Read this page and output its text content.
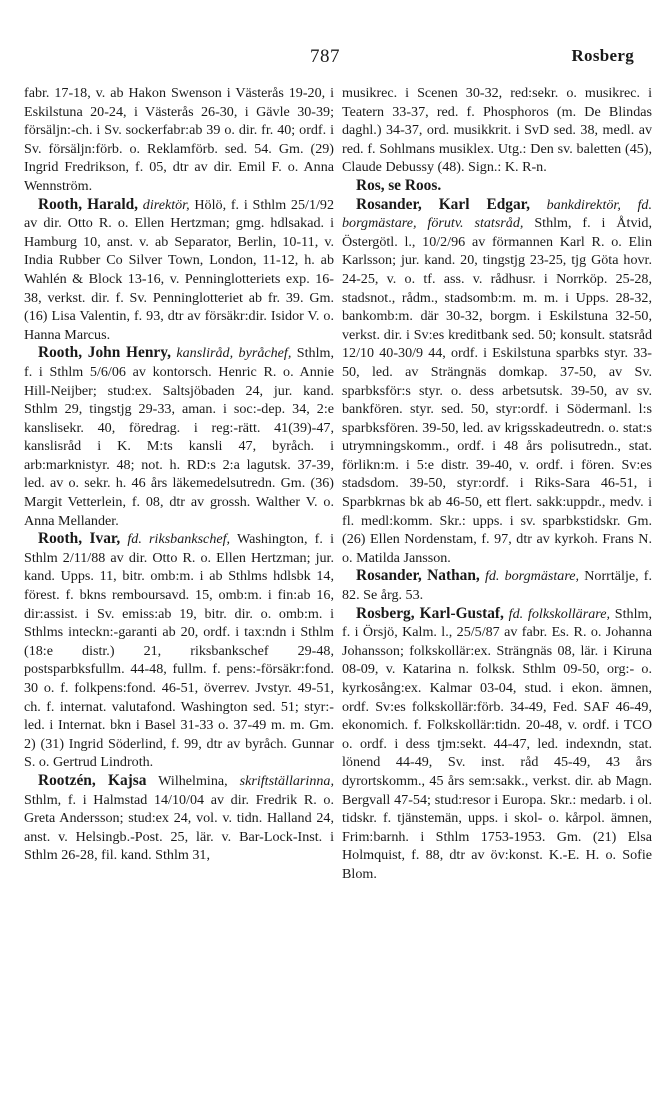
787	Rosberg

fabr. 17-18, v. ab Hakon Swenson i Västerås 19-20, i Eskilstuna 20-24, i Västerås 26-30, i Gävle 30-39; försäljn:-ch. i Sv. sockerfabr:ab 39 o. dir. fr. 40; ordf. i Sv. försäljn:förb. o. Reklamförb. sed. 54. Gm. (29) Ingrid Fredrikson, f. 05, dtr av dir. Emil F. o. Anna Wennström.

Rooth, Harald, direktör, Hölö, f. i Sthlm 25/1/92 av dir. Otto R. o. Ellen Hertzman; gmg. hdlsakad. i Hamburg 10, anst. v. ab Separator, Berlin, 10-11, v. India Rubber Co Silver Town, London, 11-12, h. ab Wahlén & Block 13-16, v. Penninglotteriets exp. 16-38, verkst. dir. f. Sv. Penninglotteriet ab fr. 39. Gm. (16) Lisa Valentin, f. 93, dtr av försäkr:dir. Isidor V. o. Hanna Marcus.

Rooth, John Henry, kansliråd, byråchef, Sthlm, f. i Sthlm 5/6/06 av kontorsch. Henric R. o. Annie Hill-Neijber; stud:ex. Saltsjöbaden 24, jur. kand. Sthlm 29, tingstjg 29-33, aman. i soc:-dep. 34, 2:e kanslisekr. 40, föredrag. i reg:-rätt. 41(39)-47, kanslisråd i K. M:ts kansli 47, byråch. i arb:marknistyr. 48; not. h. RD:s 2:a lagutsk. 37-39, led. av o. sekr. h. 46 års läkemedelsutredn. Gm. (36) Margit Vetterlein, f. 08, dtr av grossh. Walther V. o. Anna Mellander.

Rooth, Ivar, fd. riksbankschef, Washington, f. i Sthlm 2/11/88 av dir. Otto R. o. Ellen Hertzman; jur. kand. Upps. 11, bitr. omb:m. i ab Sthlms hdlsbk 14, förest. f. bkns remboursavd. 15, omb:m. i fin:ab 16, dir:assist. i Sv. emiss:ab 19, bitr. dir. o. omb:m. i Sthlms inteckn:-garanti ab 20, ordf. i tax:ndn i Sthlm (18:e distr.) 21, riksbankschef 29-48, postsparbksfullm. 44-48, fullm. f. pens:-försäkr:fond. 30 o. f. folkpens:fond. 46-51, överrev. Jvstyr. 49-51, ch. f. internat. valutafond. Washington sed. 51; styr:-led. i Internat. bkn i Basel 31-33 o. 37-49 m. m. Gm. 2) (31) Ingrid Söderlind, f. 99, dtr av byråch. Gunnar S. o. Gertrud Lindroth.

Rootzén, Kajsa Wilhelmina, skriftställarinna, Sthlm, f. i Halmstad 14/10/04 av dir. Fredrik R. o. Greta Andersson; stud:ex 24, vol. v. tidn. Halland 24, anst. v. Helsingb.-Post. 25, lär. v. Bar-Lock-Inst. i Sthlm 26-28, fil. kand. Sthlm 31,

musikrec. i Scenen 30-32, red:sekr. o. musikrec. i Teatern 33-37, red. f. Phosphoros (m. De Blindas daghl.) 34-37, ord. musikkrit. i SvD sed. 38, medl. av red. f. Sohlmans musiklex. Utg.: Den sv. baletten (45), Claude Debussy (48). Sign.: K. R-n.

Ros, se Roos.

Rosander, Karl Edgar, bankdirektör, fd. borgmästare, förutv. statsråd, Sthlm, f. i Åtvid, Östergötl. l., 10/2/96 av förmannen Karl R. o. Elin Karlsson; jur. kand. 20, tingstjg 23-25, tjg Göta hovr. 24-25, v. o. tf. ass. v. rådhusr. i Norrköp. 25-28, stadsnot., rådm., stadsomb:m. m. m. i Upps. 28-32, bankomb:m. där 30-32, borgm. i Eskilstuna 32-50, verkst. dir. i Sv:es kreditbank sed. 50; konsult. statsråd 12/10 40-30/9 44, ordf. i Eskilstuna sparbks styr. 33-50, led. av Strängnäs domkap. 37-50, av Sv. sparbksför:s styr. o. dess arbetsutsk. 39-50, av sv. bankfören. styr. sed. 50, styr:ordf. i Södermanl. l:s sparbksfören. 39-50, led. av krigsskadeutredn. o. stat:s utrymningskomm., ordf. i 48 års polisutredn., stat. förlikn:m. i 5:e distr. 39-40, v. ordf. i fören. Sv:es stadsdom. 39-50, styr:ordf. i Riks-Sara 46-51, i Sparbkrnas bk ab 46-50, ett flert. sakk:uppdr., medv. i fl. medl:komm. Skr.: upps. i sv. sparbkstidskr. Gm. (26) Ellen Nordenstam, f. 97, dtr av kyrkoh. Frans N. o. Matilda Jansson.

Rosander, Nathan, fd. borgmästare, Norrtälje, f. 82. Se årg. 53.

Rosberg, Karl-Gustaf, fd. folkskollärare, Sthlm, f. i Örsjö, Kalm. l., 25/5/87 av fabr. Es. R. o. Johanna Johansson; folkskollär:ex. Strängnäs 08, lär. i Kiruna 08-09, v. Katarina n. folksk. Sthlm 09-50, org:- o. kyrkosång:ex. Kalmar 03-04, stud. i ekon. ämnen, ordf. Sv:es folkskollär:förb. 34-49, Fed. SAF 46-49, ekonomich. f. Folkskollär:tidn. 20-48, v. ordf. i TCO o. ordf. i dess tjm:sekt. 44-47, led. indexndn, stat. lönend 44-49, Sv. inst. råd 45-49, 43 års dyrortskomm., 45 års sem:sakk., verkst. dir. ab Magn. Bergvall 47-54; stud:resor i Europa. Skr.: medarb. i ol. tidskr. f. tjänstemän, upps. i skol- o. kårpol. ämnen, Frim:barnh. i Sthlm 1753-1953. Gm. (21) Elsa Holmquist, f. 88, dtr av öv:konst. K.-E. H. o. Sofie Blom.
